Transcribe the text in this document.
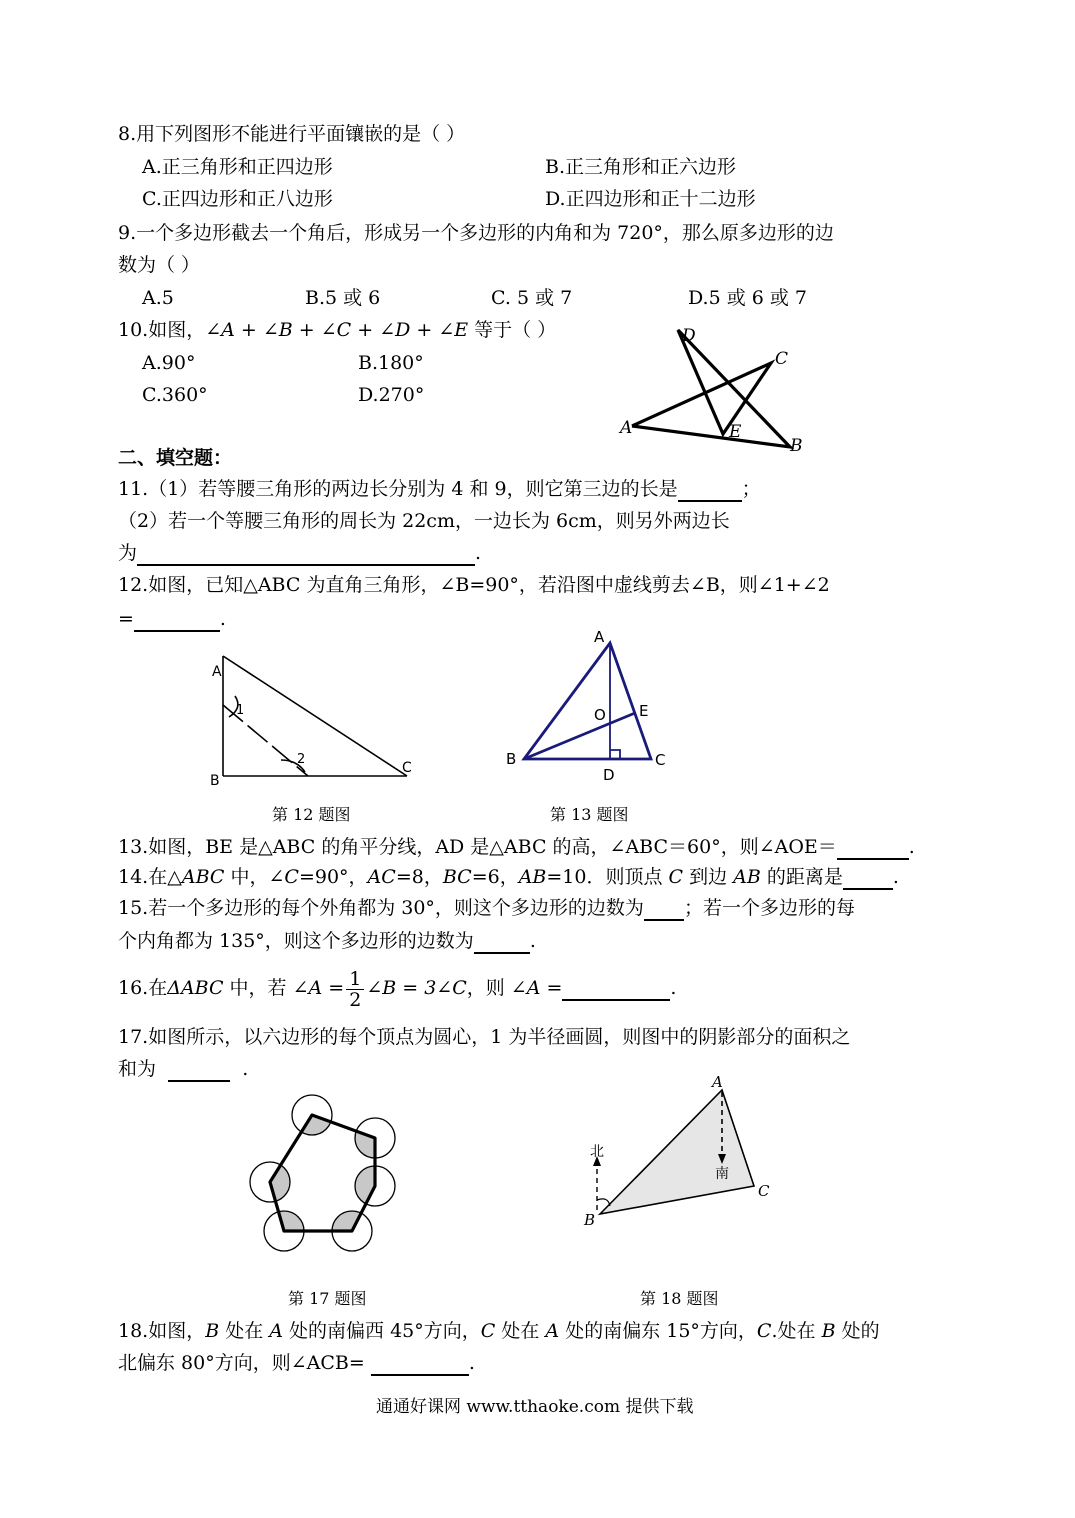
8.用下列图形不能进行平面镶嵌的是（ ）
A.正三角形和正四边形	B.正三角形和正六边形
C.正四边形和正八边形	D.正四边形和正十二边形
9.一个多边形截去一个角后，形成另一个多边形的内角和为 720°，那么原多边形的边
数为（ ）
A.5	B.5 或 6	C. 5 或 7	D.5 或 6 或 7
10.如图，∠A + ∠B + ∠C + ∠D + ∠E 等于（ ）
A.90°	B.180°
C.360°	D.270°
D
C
A	E
B
二、填空题：
11.（1）若等腰三角形的两边长分别为 4 和 9，则它第三边的长是	；
（2）若一个等腰三角形的周长为 22cm，一边长为 6cm，则另外两边长
为	.
12.如图，已知△ABC 为直角三角形，∠B=90°，若沿图中虚线剪去∠B，则∠1+∠2
=	.
A
B
C
1
2
第 12 题图
A
B	C
D
E
O
第 13 题图
13.如图，BE 是△ABC 的角平分线，AD 是△ABC 的高，∠ABC＝60°，则∠AOE＝	.
14.在△ABC 中，∠C=90°，AC=8，BC=6，AB=10．则顶点 C 到边 AB 的距离是	.
15.若一个多边形的每个外角都为 30°，则这个多边形的边数为 ；若一个多边形的每
个内角都为 135°，则这个多边形的边数为	.
16.在ΔABC 中，若 ∠A = $\frac{1}{2}$ ∠B = 3∠C，则 ∠A =	.
17.如图所示，以六边形的每个顶点为圆心，1 为半径画圆，则图中的阴影部分的面积之
和为	.
第 17 题图
A
B
C
北
南
第 18 题图
18.如图，B 处在 A 处的南偏西 45°方向，C 处在 A 处的南偏东 15°方向，C.处在 B 处的
北偏东 80°方向，则∠ACB=	.
通通好课网 www.tthaoke.com 提供下载
